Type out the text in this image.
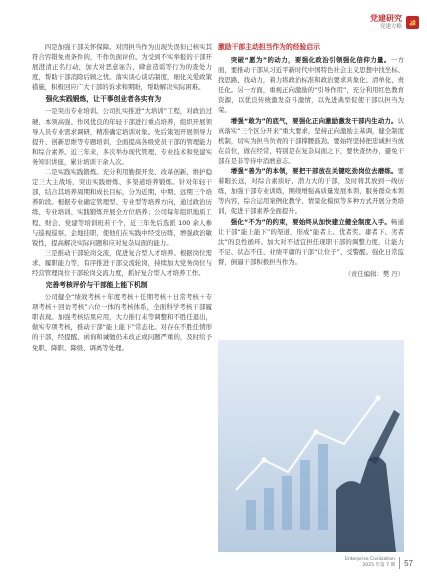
党建研究
党建方略

四是加强干部关怀保障。对因担当作为出现失误但已核实其符合容错免责条件的，不作负面评价。为受到不实举报的干部开展澄清正名行动，加大对恶意诬告、肆意造谣等行为的查处力度，帮助干部消除后顾之忧。落实谈心谈话制度，细化关爱政策措施，积极回应广大干部的诉求和期盼，帮助解决实际困难。

强化实践锻炼，让干事创业者各实有为

一是突出专业培训。公司扎实推进“大培训”工程，对政治过硬、本领高强、作风优良的年轻干部进行重点培养，组织开展领导人员专业需求调研，精准确定培训对象。先后策划开展领导力提升、创新思维等专题培训，全面提高各级党员干部的管理能力和综合素养。近三年来，多次举办现代管理、专业技术和党建实务知识讲座，累计培训干余人次。

二是实践实践锻炼。充分利用勤探开发、改革创新、维护稳定三大主战场，突出实践磨炼、多渠道培养锻炼。针对年轻干部，结合其培养周期和成长目标，分为近期、中期、远期三个培养阶段。根据专业确定管理型、专业型等培养方向，通过政治历练、专业培训、实践锻炼开展全方位培养；公司每年组织地质工程、财会、党建等培训班若干个，近三年先后选派 100 余人参与巡视巡察、企地挂职，使他们在实践中经受历练，增强政治敏锐性，提高解决实际问题和应对复杂局面的能力。

三是推动干部轮岗交流，促进复合型人才培养。根据岗位需求、履职能力等，有序推进干部交流轮岗，持续加大党务岗位与经营管理岗位干部轮岗交流力度，抓好复合型人才培养工作。

完善考核评价与干部能上能下机制

公司健全“绩效考核＋年度考核＋任期考核＋日常考核＋专项考核＋回访考核”六位一体的考核体系，全面科学考核干部履职表现。加强考核结果应用，大力推行末等调整和不胜任退出，做实专项考核，推动干部“能上能下”常态化。对存在不胜任情形的干部，经提醒、函询和诫勉仍未改正或问题严重的，及时给予免职、降职、降级、调离等处理。

激励干部主动担当作为的经验启示

突破“愿为”的动力，要强化政治引领强化信仰力量。一方面，要推动干部从习近平新时代中国特色社会主义思想中找坐标、找思路、找动力，着力将政治标准和政治要求具象化、清单化、责任化。另一方面，重视正向激励的“引导作用”，充分利用红色教育资源，以优良传统激发奋斗激情，以先进典型促使干部以担当为荣。

增强“敢为”的底气，要强化正向激励激发干部内生动力。认真落实“三个区分开来”重大要求，坚持正向激励主基调，健全制度机制，切实为担当负责的干部撑腰鼓劲。要始终坚持把忠诚担当放在首位，做在经常，特别是在复杂局面之下，要快查快办，避免干部在是非等待中消磨意志。

增强“善为”的本领，要把干部放在关键吃劲岗位去磨练。要着眼长远，对综合素质好、潜力大的干部，及时将其放到一线历练，加强干部专业训练，围绕增强高质量发展本领、服务群众本领等内容，综合运用案例化教学、情景化模拟等多种方式开展分类培训，促进干部素养全面提升。

强化“不为”的约束，要始终从加快建立健全制度入手。畅通让干部“能上能下”的渠道，形成“能者上、优者奖、庸者下、劣者汰”的良性循环。加大对不适宜担任现职干部的调整力度，让能力不足、状态不佳、业绩平庸的干部“让位子”、受警醒。强化日常监督，倒逼干部积极担当作为。

（责任编辑：樊 丹）

Enterprise Civilization
2025 年第 7 期 57
